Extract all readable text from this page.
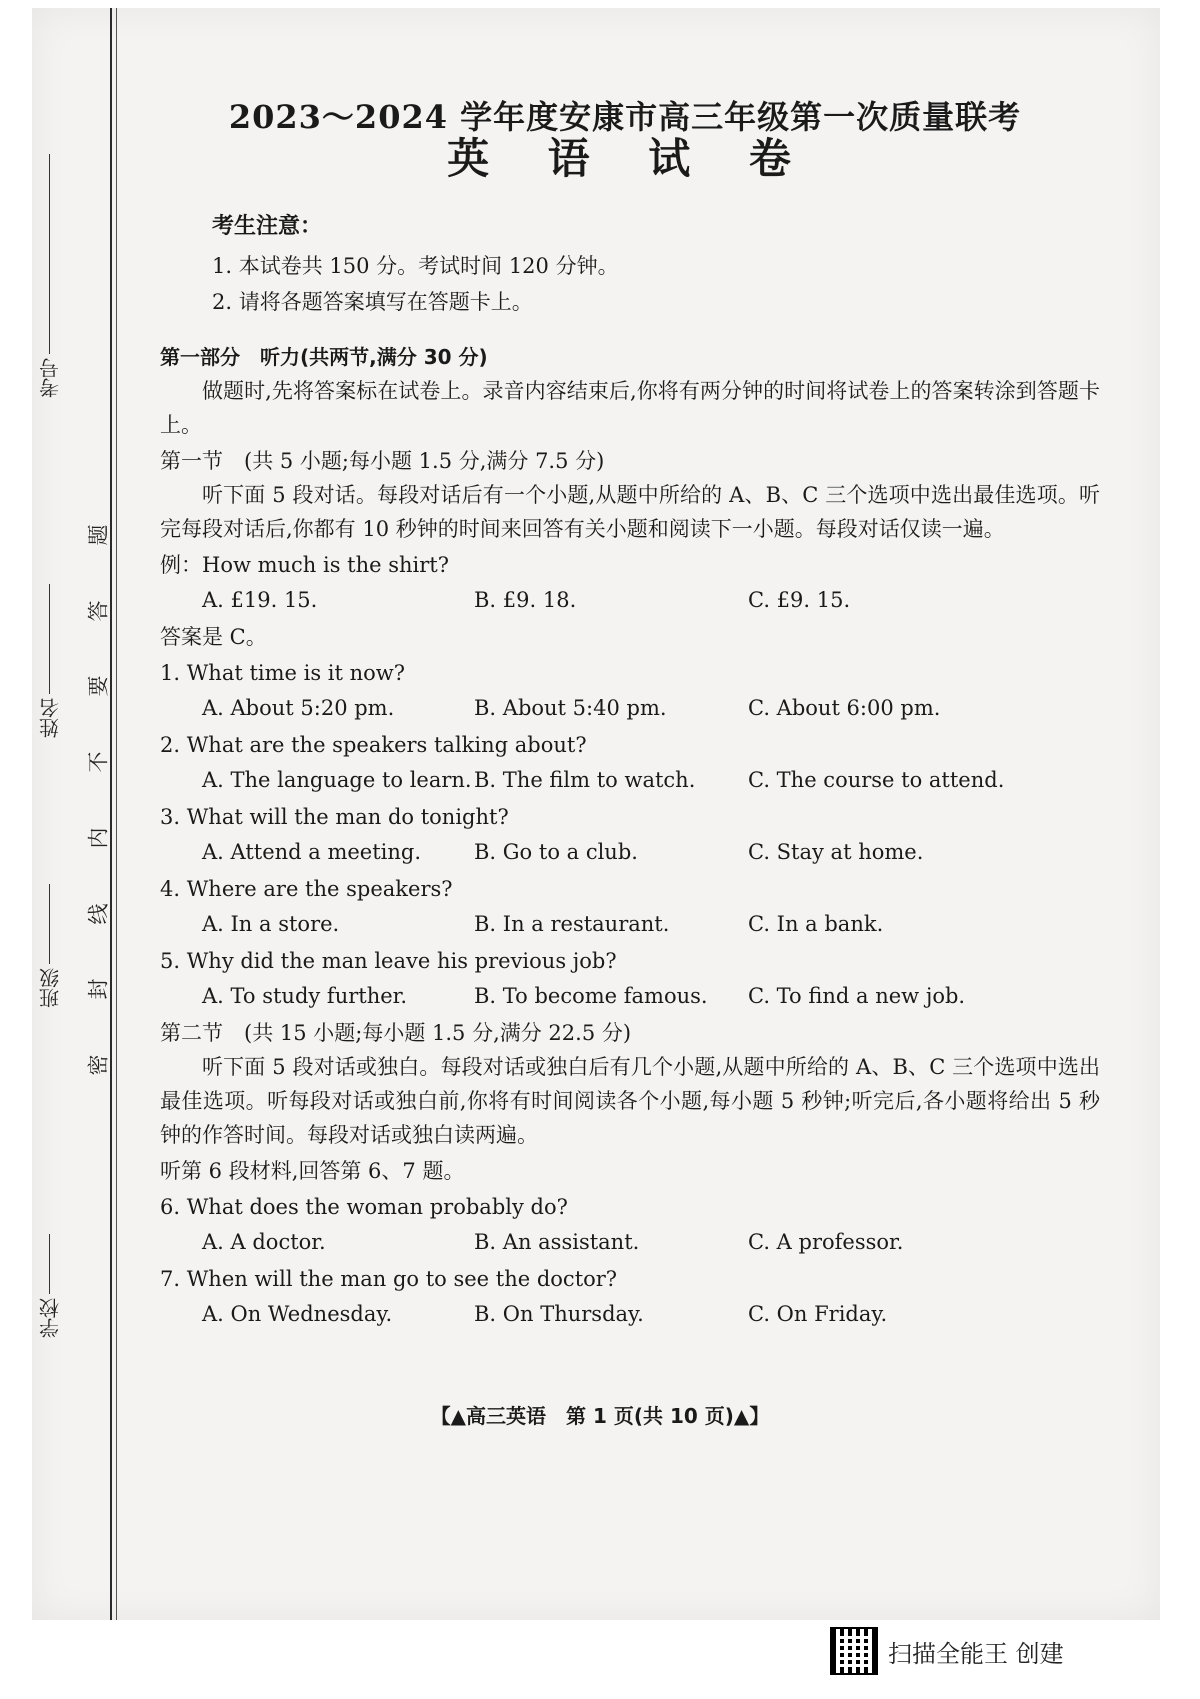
学校
班级
姓名
考号
题
答
要
不
内
线
封
密
2023～2024 学年度安康市高三年级第一次质量联考
英 语 试 卷
考生注意：
1. 本试卷共 150 分。考试时间 120 分钟。
2. 请将各题答案填写在答题卡上。
第一部分 听力(共两节,满分 30 分)
做题时,先将答案标在试卷上。录音内容结束后,你将有两分钟的时间将试卷上的答案转涂到答题卡上。
第一节　(共 5 小题;每小题 1.5 分,满分 7.5 分)
听下面 5 段对话。每段对话后有一个小题,从题中所给的 A、B、C 三个选项中选出最佳选项。听完每段对话后,你都有 10 秒钟的时间来回答有关小题和阅读下一小题。每段对话仅读一遍。
例：How much is the shirt?
A. £19. 15.	B. £9. 18.	C. £9. 15.
答案是 C。
1. What time is it now?
A. About 5:20 pm.	B. About 5:40 pm.	C. About 6:00 pm.
2. What are the speakers talking about?
A. The language to learn. B. The film to watch.	C. The course to attend.
3. What will the man do tonight?
A. Attend a meeting.	B. Go to a club.	C. Stay at home.
4. Where are the speakers?
A. In a store.	B. In a restaurant.	C. In a bank.
5. Why did the man leave his previous job?
A. To study further.	B. To become famous.	C. To find a new job.
第二节　(共 15 小题;每小题 1.5 分,满分 22.5 分)
听下面 5 段对话或独白。每段对话或独白后有几个小题,从题中所给的 A、B、C 三个选项中选出最佳选项。听每段对话或独白前,你将有时间阅读各个小题,每小题 5 秒钟;听完后,各小题将给出 5 秒钟的作答时间。每段对话或独白读两遍。
听第 6 段材料,回答第 6、7 题。
6. What does the woman probably do?
A. A doctor.	B. An assistant.	C. A professor.
7. When will the man go to see the doctor?
A. On Wednesday.	B. On Thursday.	C. On Friday.
【▲高三英语　第 1 页(共 10 页)▲】
扫描全能王 创建
